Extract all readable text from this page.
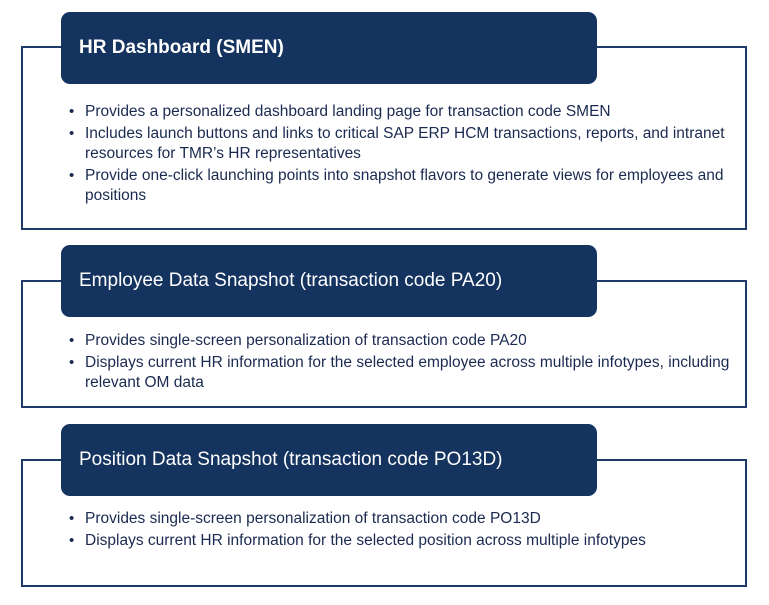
HR Dashboard (SMEN)
• Provides a personalized dashboard landing page for transaction code SMEN
• Includes launch buttons and links to critical SAP ERP HCM transactions, reports, and intranet resources for TMR’s HR representatives
• Provide one-click launching points into snapshot flavors to generate views for employees and positions
Employee Data Snapshot (transaction code PA20)
• Provides single-screen personalization of transaction code PA20
• Displays current HR information for the selected employee across multiple infotypes, including relevant OM data
Position Data Snapshot (transaction code PO13D)
• Provides single-screen personalization of transaction code PO13D
• Displays current HR information for the selected position across multiple infotypes
